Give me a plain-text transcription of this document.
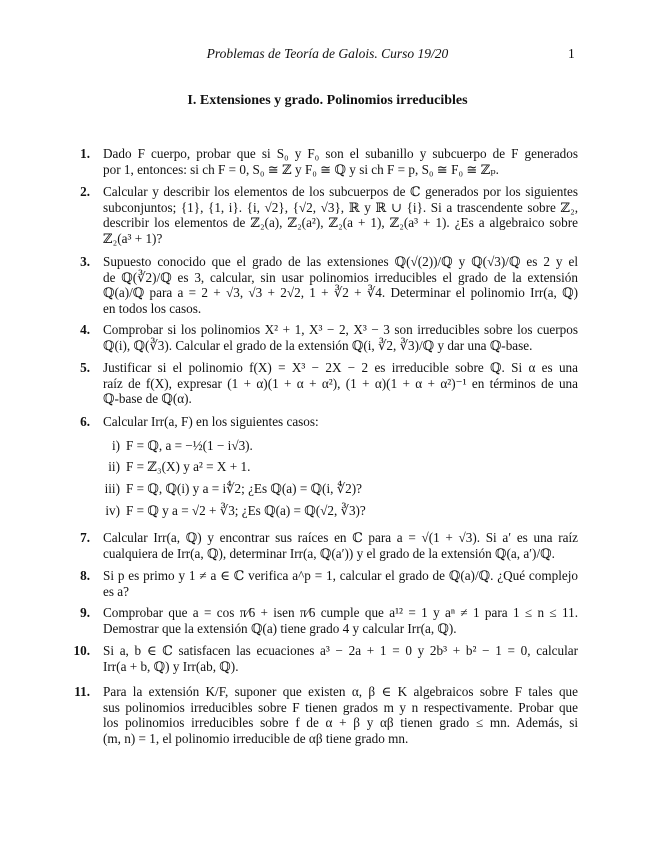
Problemas de Teoría de Galois. Curso 19/20	1
I. Extensiones y grado. Polinomios irreducibles
1. Dado F cuerpo, probar que si S₀ y F₀ son el subanillo y subcuerpo de F generados
por 1, entonces: si ch F = 0, S₀ ≅ ℤ y F₀ ≅ ℚ y si ch F = p, S₀ ≅ F₀ ≅ ℤₚ.
2. Calcular y describir los elementos de los subcuerpos de ℂ generados por los siguientes
subconjuntos; {1}, {1, i}. {i, √2}, {√2, √3}, ℝ y ℝ ∪ {i}. Si a trascendente sobre ℤ₂,
describir los elementos de ℤ₂(a), ℤ₂(a²), ℤ₂(a + 1), ℤ₂(a³ + 1). ¿Es a algebraico sobre
ℤ₂(a³ + 1)?
3. Supuesto conocido que el grado de las extensiones ℚ(√(2))/ℚ y ℚ(√3)/ℚ es 2 y el
de ℚ(∛2)/ℚ es 3, calcular, sin usar polinomios irreducibles el grado de la extensión
ℚ(a)/ℚ para a = 2 + √3, √3 + 2√2, 1 + ∛2 + ∛4. Determinar el polinomio Irr(a, ℚ)
en todos los casos.
4. Comprobar si los polinomios X² + 1, X³ − 2, X³ − 3 son irreducibles sobre los cuerpos
ℚ(i), ℚ(∛3). Calcular el grado de la extensión ℚ(i, ∛2, ∛3)/ℚ y dar una ℚ-base.
5. Justificar si el polinomio f(X) = X³ − 2X − 2 es irreducible sobre ℚ. Si α es una
raíz de f(X), expresar (1 + α)(1 + α + α²), (1 + α)(1 + α + α²)⁻¹ en términos de una
ℚ-base de ℚ(α).
6. Calcular Irr(a, F) en los siguientes casos:
i) F = ℚ, a = −½(1 − i√3).
ii) F = ℤ₃(X) y a² = X + 1.
iii) F = ℚ, ℚ(i) y a = i∜2; ¿Es ℚ(a) = ℚ(i, ∜2)?
iv) F = ℚ y a = √2 + ∛3; ¿Es ℚ(a) = ℚ(√2, ∛3)?
7. Calcular Irr(a, ℚ) y encontrar sus raíces en ℂ para a = √(1 + √3). Si a′ es una raíz
cualquiera de Irr(a, ℚ), determinar Irr(a, ℚ(a′)) y el grado de la extensión ℚ(a, a′)/ℚ.
8. Si p es primo y 1 ≠ a ∈ ℂ verifica a^p = 1, calcular el grado de ℚ(a)/ℚ. ¿Qué complejo
es a?
9. Comprobar que a = cos π⁄6 + isen π⁄6 cumple que a¹² = 1 y aⁿ ≠ 1 para 1 ≤ n ≤ 11.
Demostrar que la extensión ℚ(a) tiene grado 4 y calcular Irr(a, ℚ).
10. Si a, b ∈ ℂ satisfacen las ecuaciones a³ − 2a + 1 = 0 y 2b³ + b² − 1 = 0, calcular
Irr(a + b, ℚ) y Irr(ab, ℚ).
11. Para la extensión K/F, suponer que existen α, β ∈ K algebraicos sobre F tales que
sus polinomios irreducibles sobre F tienen grados m y n respectivamente. Probar que
los polinomios irreducibles sobre f de α + β y αβ tienen grado ≤ mn. Además, si
(m, n) = 1, el polinomio irreducible de αβ tiene grado mn.
